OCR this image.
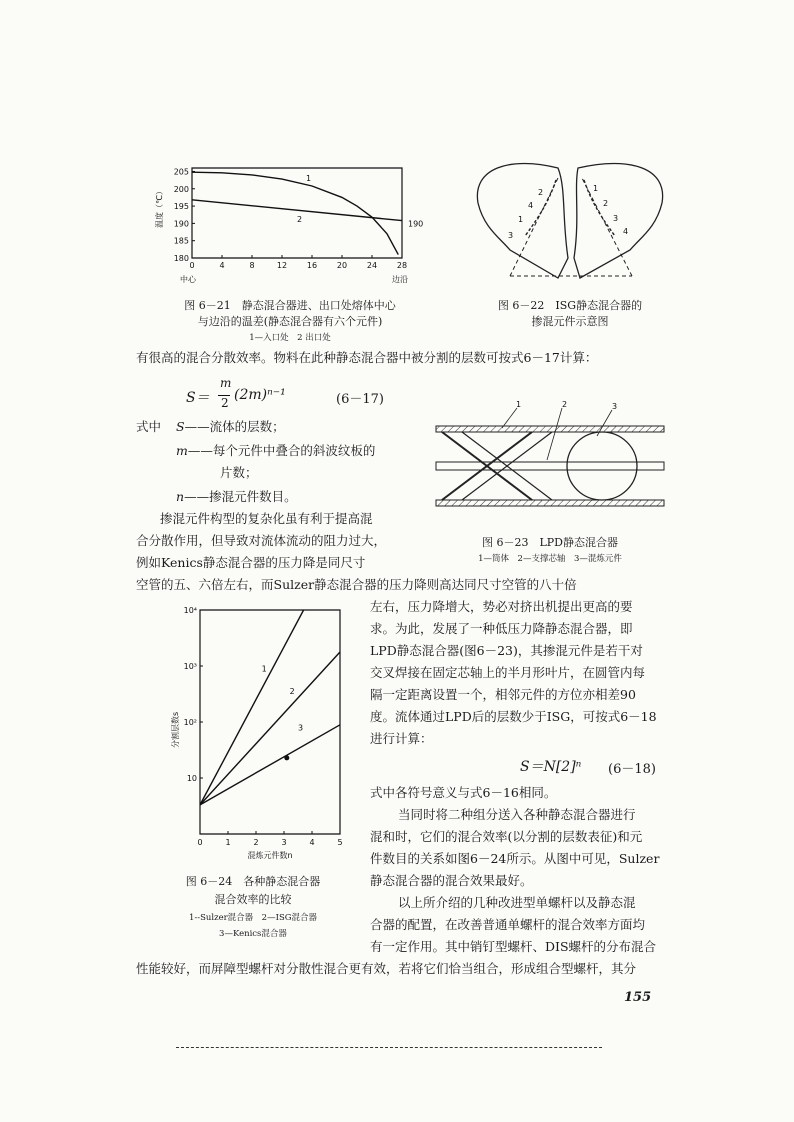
0	4	8	12 16 20 24 28
180
185
190
195
200
205
温度（℃）
中心	边沿
190
1
2
图 6－21　静态混合器进、出口处熔体中心
与边沿的温差(静态混合器有六个元件)
1—入口处　2 出口处
2
4
1
3
1
2
3
4
图 6－22　ISG静态混合器的
掺混元件示意图
有很高的混合分散效率。物料在此种静态混合器中被分割的层数可按式6－17计算：
S＝
m
2 (2m)ⁿ⁻¹	(6－17)
式中 S——流体的层数；
m——每个元件中叠合的斜波纹板的
片数；
n——掺混元件数目。
掺混元件构型的复杂化虽有利于提高混
合分散作用，但导致对流体流动的阻力过大，
例如Kenics静态混合器的压力降是同尺寸
空管的五、六倍左右，而Sulzer静态混合器的压力降则高达同尺寸空管的八十倍
1	2	3
图 6－23　LPD静态混合器
1—筒体　2—支撑芯轴　3—混炼元件
0	1	2	3	4	5
10
10²
10³
10⁴
分割层数s
混炼元件数n
1
2
3
图 6－24　各种静态混合器
混合效率的比较
1--Sulzer混合器　2—ISG混合器
3—Kenics混合器
左右，压力降增大，势必对挤出机提出更高的要
求。为此，发展了一种低压力降静态混合器，即
LPD静态混合器(图6－23)，其掺混元件是若干对
交叉焊接在固定芯轴上的半月形叶片，在圆管内每
隔一定距离设置一个，相邻元件的方位亦相差90
度。流体通过LPD后的层数少于ISG，可按式6－18
进行计算：
S＝N[2]ⁿ (6－18)
式中各符号意义与式6－16相同。
当同时将二种组分送入各种静态混合器进行
混和时，它们的混合效率(以分割的层数表征)和元
件数目的关系如图6－24所示。从图中可见，Sulzer
静态混合器的混合效果最好。
以上所介绍的几种改进型单螺杆以及静态混
合器的配置，在改善普通单螺杆的混合效率方面均
有一定作用。其中销钉型螺杆、DIS螺杆的分布混合
性能较好，而屏障型螺杆对分散性混合更有效，若将它们恰当组合，形成组合型螺杆，其分
155
